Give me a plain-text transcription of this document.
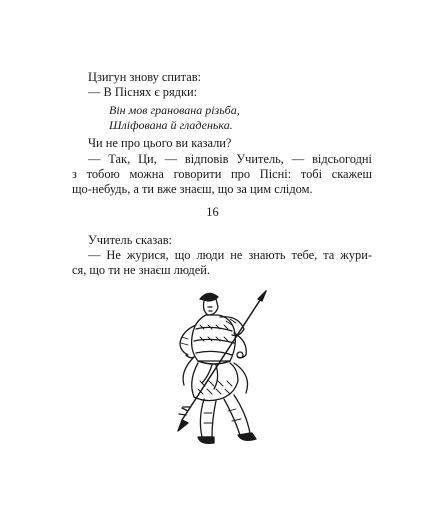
Цзигун знову спитав:

— В Піснях є рядки:

Він мов гранована різьба,
Шліфована й гладенька.

Чи не про цього ви казали?

— Так, Ци, — відповів Учитель, — відсьогодні
з тобою можна говорити про Пісні: тобі скажеш
що-небудь, а ти вже знаєш, що за цим слідом.
16

Учитель сказав:

— Не журися, що люди не знають тебе, та жури-
ся, що ти не знаєш людей.
